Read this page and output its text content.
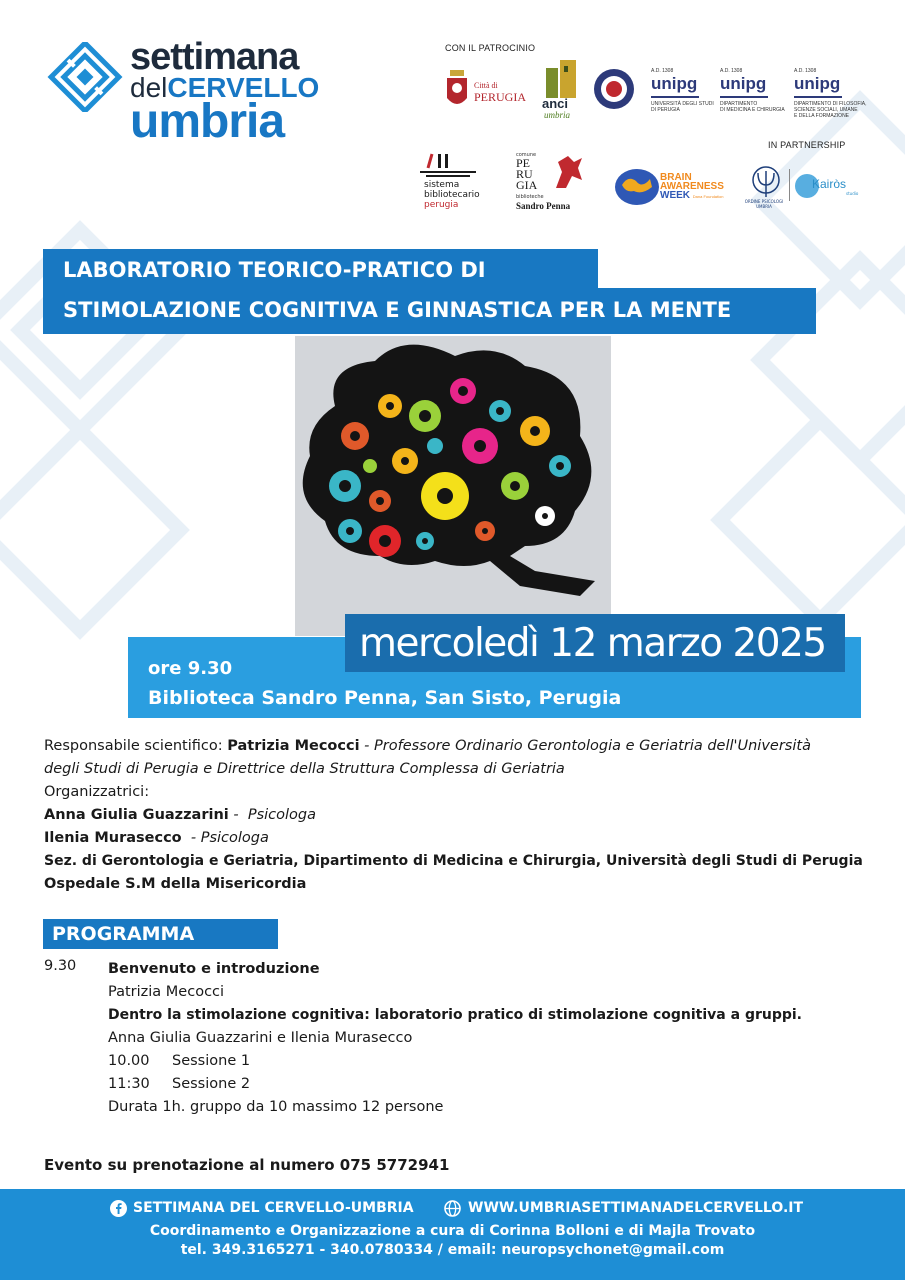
settimana
delCERVELLO
umbria
CON IL PATROCINIO
Città di
PERUGIA anci
umbria
A.D. 1308
unipg
UNIVERSITÀ DEGLI STUDI
DI PERUGIA
A.D. 1308
unipg
DIPARTIMENTO
DI MEDICINA E CHIRURGIA
A.D. 1308
unipg
DIPARTIMENTO DI FILOSOFIA,
SCIENZE SOCIALI, UMANE
E DELLA FORMAZIONE
IN PARTNERSHIP
sistema
bibliotecario
perugia
comune
PE
RU
GIA
biblioteche
Sandro Penna
BRAIN
AWARENESS
WEEK Dana Foundation
ORDINE PSICOLOGI UMBRIA
Kairòs
studio
LABORATORIO TEORICO-PRATICO DI
STIMOLAZIONE COGNITIVA E GINNASTICA PER LA MENTE
ore 9.30
Biblioteca Sandro Penna, San Sisto, Perugia
mercoledì 12 marzo 2025
Responsabile scientifico: Patrizia Mecocci - Professore Ordinario Gerontologia e Geriatria dell'Università
degli Studi di Perugia e Direttrice della Struttura Complessa di Geriatria
Organizzatrici:
Anna Giulia Guazzarini -  Psicologa
Ilenia Murasecco  - Psicologa
Sez. di Gerontologia e Geriatria, Dipartimento di Medicina e Chirurgia, Università degli Studi di Perugia
Ospedale S.M della Misericordia
PROGRAMMA
9.30 Benvenuto e introduzione
Patrizia Mecocci
Dentro la stimolazione cognitiva: laboratorio pratico di stimolazione cognitiva a gruppi.
Anna Giulia Guazzarini e Ilenia Murasecco
10.00 Sessione 1
11:30 Sessione 2
Durata 1h. gruppo da 10 massimo 12 persone
Evento su prenotazione al numero 075 5772941
SETTIMANA DEL CERVELLO-UMBRIA	WWW.UMBRIASETTIMANADELCERVELLO.IT
Coordinamento e Organizzazione a cura di Corinna Bolloni e di Majla Trovato
tel. 349.3165271 - 340.0780334 / email: neuropsychonet@gmail.com
